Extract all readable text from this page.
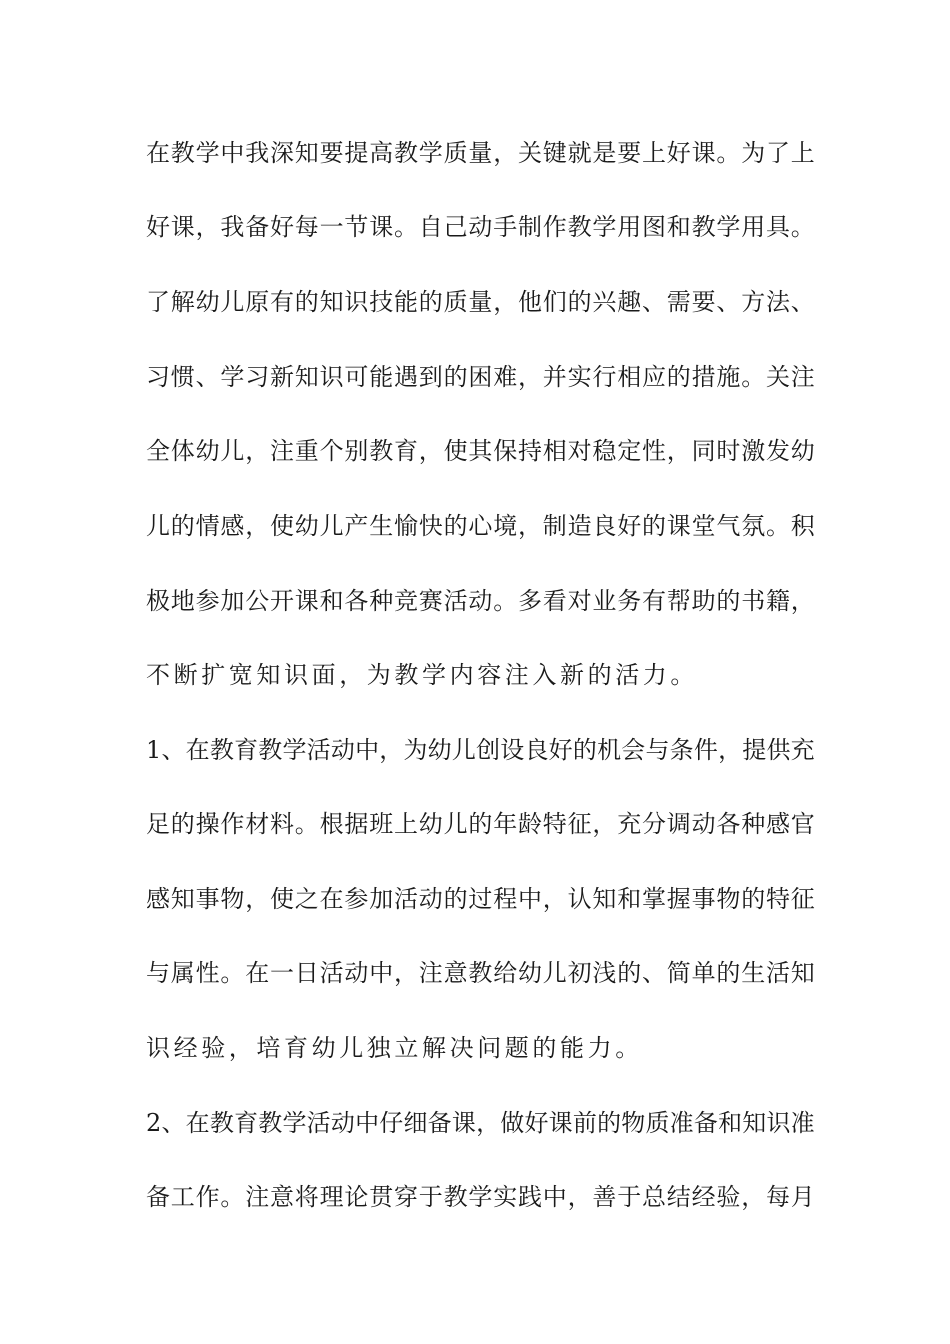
在教学中我深知要提高教学质量，关键就是要上好课。为了上
好课，我备好每一节课。自己动手制作教学用图和教学用具。
了解幼儿原有的知识技能的质量，他们的兴趣、需要、方法、
习惯、学习新知识可能遇到的困难，并实行相应的措施。关注
全体幼儿，注重个别教育，使其保持相对稳定性，同时激发幼
儿的情感，使幼儿产生愉快的心境，制造良好的课堂气氛。积
极地参加公开课和各种竞赛活动。多看对业务有帮助的书籍，
不断扩宽知识面，为教学内容注入新的活力。
1、在教育教学活动中，为幼儿创设良好的机会与条件，提供充
足的操作材料。根据班上幼儿的年龄特征，充分调动各种感官
感知事物，使之在参加活动的过程中，认知和掌握事物的特征
与属性。在一日活动中，注意教给幼儿初浅的、简单的生活知
识经验，培育幼儿独立解决问题的能力。
2、在教育教学活动中仔细备课，做好课前的物质准备和知识准
备工作。注意将理论贯穿于教学实践中，善于总结经验，每月
